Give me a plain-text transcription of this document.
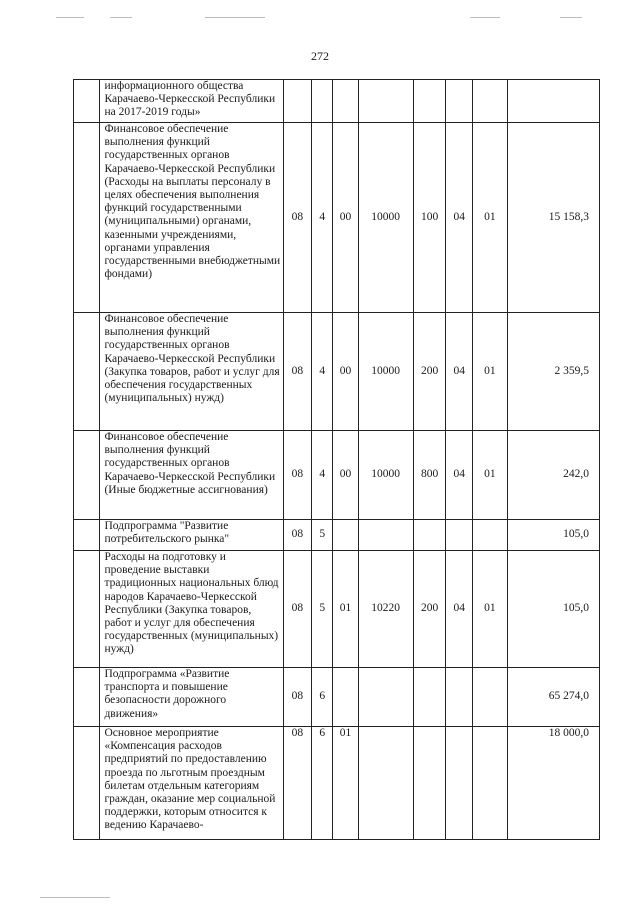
272
	информационного общества Карачаево-Черкесской Республики на 2017-2019 годы»								
	Финансовое обеспечение выполнения функций государственных органов Карачаево-Черкесской Республики (Расходы на выплаты персоналу в целях обеспечения выполнения функций государственными (муниципальными) органами, казенными учреждениями, органами управления государственными внебюджетными фондами)	08	4	00	10000	100	04	01	15 158,3
	Финансовое обеспечение выполнения функций государственных органов Карачаево-Черкесской Республики (Закупка товаров, работ и услуг для обеспечения государственных (муниципальных) нужд)	08	4	00	10000	200	04	01	2 359,5
	Финансовое обеспечение выполнения функций государственных органов Карачаево-Черкесской Республики (Иные бюджетные ассигнования)	08	4	00	10000	800	04	01	242,0
	Подпрограмма "Развитие потребительского рынка"	08	5						105,0
	Расходы на подготовку и проведение выставки традиционных национальных блюд народов Карачаево-Черкесской Республики (Закупка товаров, работ и услуг для обеспечения государственных (муниципальных) нужд)	08	5	01	10220	200	04	01	105,0
	Подпрограмма «Развитие транспорта и повышение безопасности дорожного движения»	08	6						65 274,0
	Основное мероприятие «Компенсация расходов предприятий по предоставлению проезда по льготным проездным билетам отдельным категориям граждан, оказание мер социальной поддержки, которым относится к ведению Карачаево-	08	6	01					18 000,0
